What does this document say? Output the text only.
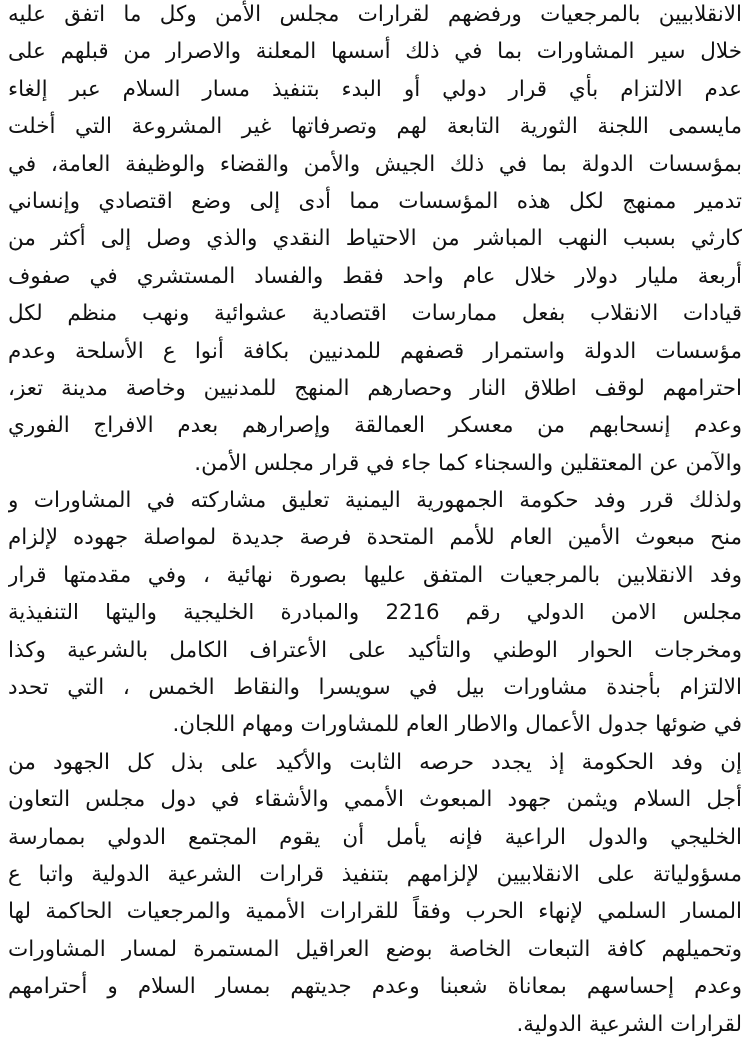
الانقلابيين بالمرجعيات ورفضهم لقرارات مجلس الأمن وكل ما اتفق عليه
خلال سير المشاورات بما في ذلك أسسها المعلنة والاصرار من قبلهم على
عدم الالتزام بأي قرار دولي أو البدء بتنفيذ مسار السلام عبر إلغاء
مايسمى اللجنة الثورية التابعة لهم وتصرفاتها غير المشروعة التي أخلت
بمؤسسات الدولة بما في ذلك الجيش والأمن والقضاء والوظيفة العامة، في
تدمير ممنهج لكل هذه المؤسسات مما أدى إلى وضع اقتصادي وإنساني
كارثي بسبب النهب المباشر من الاحتياط النقدي والذي وصل إلى أكثر من
أربعة مليار دولار خلال عام واحد فقط والفساد المستشري في صفوف
قيادات الانقلاب بفعل ممارسات اقتصادية عشوائية ونهب منظم لكل
مؤسسات الدولة واستمرار قصفهم للمدنيين بكافة أنوا ع الأسلحة وعدم
احترامهم لوقف اطلاق النار وحصارهم المنهج للمدنيين وخاصة مدينة تعز،
وعدم إنسحابهم من معسكر العمالقة وإصرارهم بعدم الافراج الفوري
والآمن عن المعتقلين والسجناء كما جاء في قرار مجلس الأمن.
ولذلك قرر وفد حكومة الجمهورية اليمنية تعليق مشاركته في المشاورات و
منح مبعوث الأمين العام للأمم المتحدة فرصة جديدة لمواصلة جهوده لإلزام
وفد الانقلابين بالمرجعيات المتفق عليها بصورة نهائية ، وفي مقدمتها قرار
مجلس الامن الدولي رقم 2216 والمبادرة الخليجية واليتها التنفيذية
ومخرجات الحوار الوطني والتأكيد على الأعتراف الكامل بالشرعية وكذا
الالتزام بأجندة مشاورات بيل في سويسرا والنقاط الخمس ، التي تحدد
في ضوئها جدول الأعمال والاطار العام للمشاورات ومهام اللجان.
إن وفد الحكومة إذ يجدد حرصه الثابت والأكيد على بذل كل الجهود من
أجل السلام ويثمن جهود المبعوث الأممي والأشقاء في دول مجلس التعاون
الخليجي والدول الراعية فإنه يأمل أن يقوم المجتمع الدولي بممارسة
مسؤولياتة على الانقلابيين لإلزامهم بتنفيذ قرارات الشرعية الدولية واتبا ع
المسار السلمي لإنهاء الحرب وفقاً للقرارات الأممية والمرجعيات الحاكمة لها
وتحميلهم كافة التبعات الخاصة بوضع العراقيل المستمرة لمسار المشاورات
وعدم إحساسهم بمعاناة شعبنا وعدم جديتهم بمسار السلام و أحترامهم
لقرارات الشرعية الدولية.
